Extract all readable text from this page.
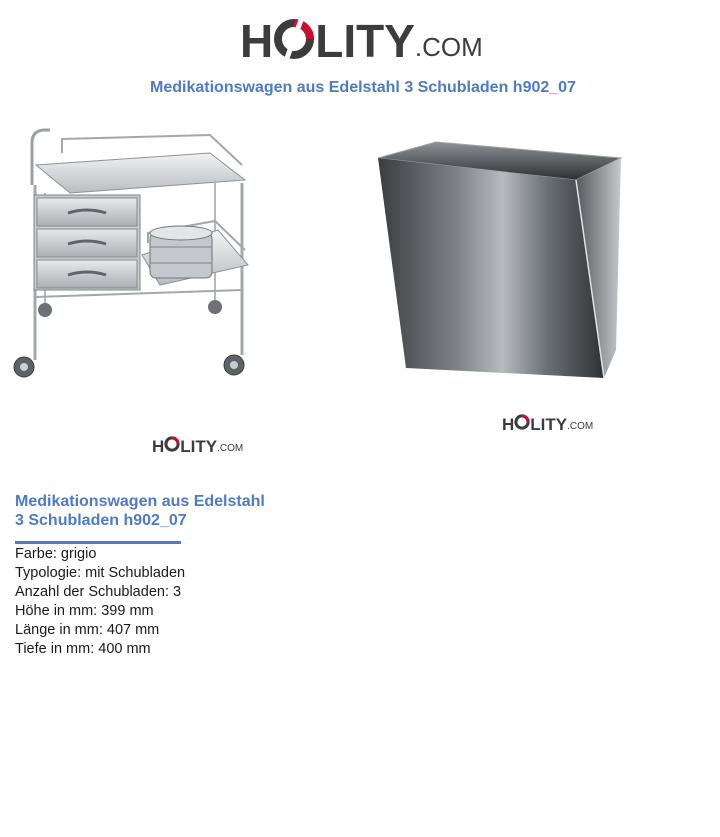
H LITY .COM
Medikationswagen aus Edelstahl 3 Schubladen h902_07
H LITY .COM
H LITY .COM
Medikationswagen aus Edelstahl
3 Schubladen h902_07
Farbe: grigio
Typologie: mit Schubladen
Anzahl der Schubladen: 3
Höhe in mm: 399 mm
Länge in mm: 407 mm
Tiefe in mm: 400 mm
